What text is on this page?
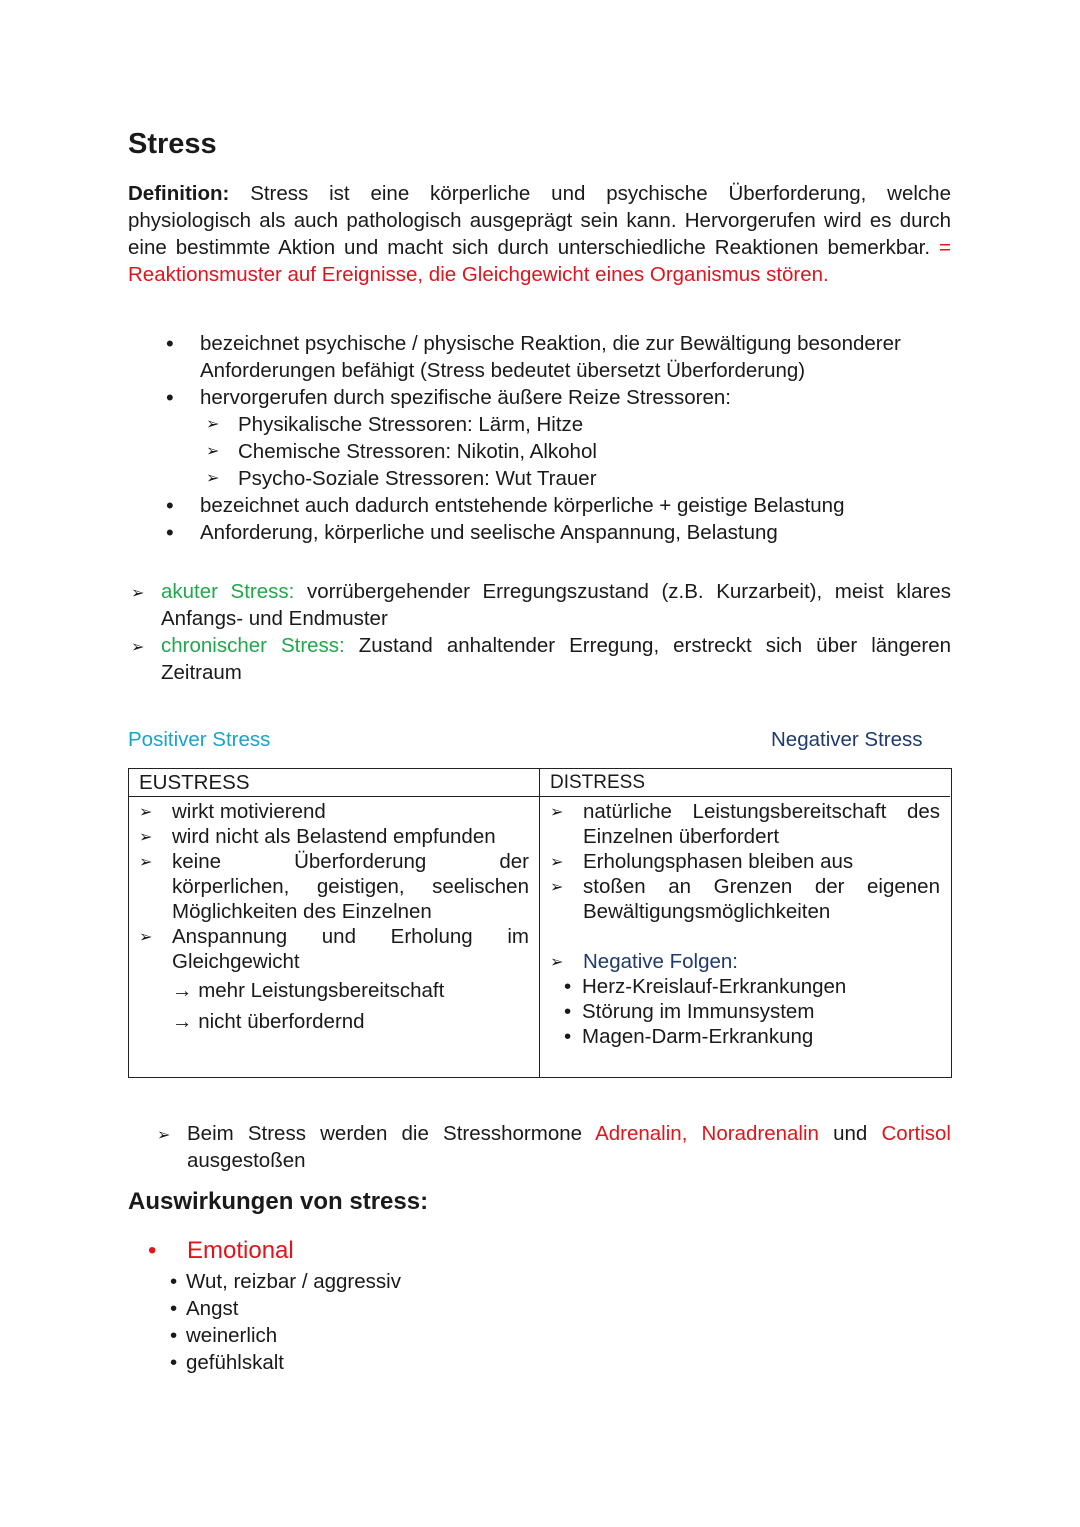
Stress

Definition: Stress ist eine körperliche und psychische Überforderung, welche physiologisch als auch pathologisch ausgeprägt sein kann. Hervorgerufen wird es durch eine bestimmte Aktion und macht sich durch unterschiedliche Reaktionen bemerkbar. = Reaktionsmuster auf Ereignisse, die Gleichgewicht eines Organismus stören.

• bezeichnet psychische / physische Reaktion, die zur Bewältigung besonderer Anforderungen befähigt (Stress bedeutet übersetzt Überforderung)
• hervorgerufen durch spezifische äußere Reize Stressoren:
➢ Physikalische Stressoren: Lärm, Hitze
➢ Chemische Stressoren: Nikotin, Alkohol
➢ Psycho-Soziale Stressoren: Wut Trauer
• bezeichnet auch dadurch entstehende körperliche + geistige Belastung
• Anforderung, körperliche und seelische Anspannung, Belastung
➢ akuter Stress: vorrübergehender Erregungszustand (z.B. Kurzarbeit), meist klares Anfangs- und Endmuster
➢ chronischer Stress: Zustand anhaltender Erregung, erstreckt sich über längeren Zeitraum
Positiver Stress	Negativer Stress
EUSTRESS
➢ wirkt motivierend
➢ wird nicht als Belastend empfunden
➢ keine Überforderung der
körperlichen, geistigen, seelischen Möglichkeiten des Einzelnen
➢ Anspannung und Erholung im
Gleichgewicht
→ mehr Leistungsbereitschaft
→ nicht überfordernd
DISTRESS
➢ natürliche Leistungsbereitschaft des Einzelnen überfordert
➢ Erholungsphasen bleiben aus
➢ stoßen an Grenzen der eigenen Bewältigungsmöglichkeiten
➢ Negative Folgen:
• Herz-Kreislauf-Erkrankungen
• Störung im Immunsystem
• Magen-Darm-Erkrankung
➢ Beim Stress werden die Stresshormone Adrenalin, Noradrenalin und Cortisol ausgestoßen
Auswirkungen von stress:
• Emotional
• Wut, reizbar / aggressiv
• Angst
• weinerlich
• gefühlskalt
